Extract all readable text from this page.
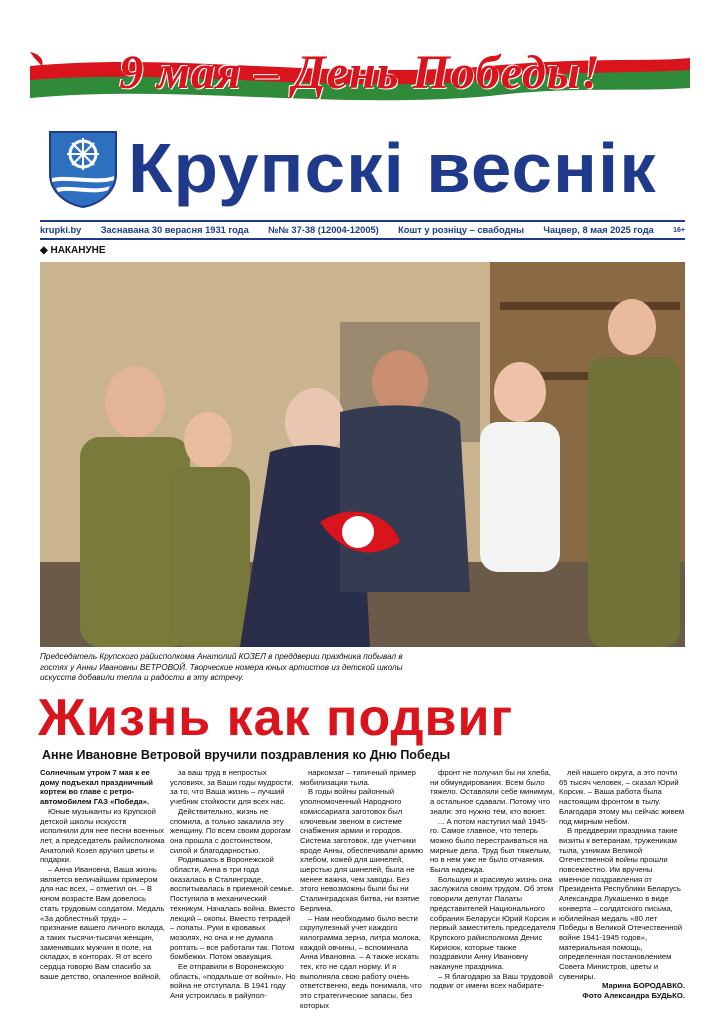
9 мая – День Победы!
Крупскі веснік
krupki.by Заснавана 30 верасня 1931 года №№ 37-38 (12004-12005) Кошт у розніцу – свабодны Чацвер, 8 мая 2025 года	16+
◆ НАКАНУНЕ
Председатель Крупского райисполкома Анатолий КОЗЕЛ в преддверии праздника побывал в гостях у Анны Ивановны ВЕТРОВОЙ. Творческие номера юных артистов из детской школы искусств добавили тепла и радости в эту встречу.
Жизнь как подвиг
Анне Ивановне Ветровой вручили поздравления ко Дню Победы

Солнечным утром 7 мая к ее дому подъехал праздничный кортеж во главе с ретро-автомобилем ГАЗ «Победа».

Юные музыканты из Крупской детской школы искусств исполнили для нее песни военных лет, а председатель райисполкома Анатолий Козел вручил цветы и подарки.

– Анна Ивановна, Ваша жизнь является величайшим примером для нас всех, – отметил он. – В юном возрасте Вам довелось стать трудовым солдатом. Медаль «За доблестный труд» – признание вашего личного вклада, а таких тысячи-тысячи женщин, заменивших мужчин в поле, на складах, в конторах. Я от всего сердца говорю Вам спасибо за ваше детство, опаленное войной,

за ваш труд в непростых условиях, за Ваши годы мудрости, за то, что Ваша жизнь – лучший учебник стойкости для всех нас.

Действительно, жизнь не спомила, а только закалила эту женщину. По всем своим дорогам она прошла с достоинством, силой и благодарностью.

Родившись в Воронежской области, Анна в три года оказалась в Сталинграде, воспитывалась в приемной семье. Поступила в механический техникум. Началась война. Вместо лекций – окопы. Вместо тетрадей – лопаты. Руки в кровавых мозолях, но она и не думала роптать – все работали так. Потом бомбежки. Потом эвакуация.

Ее отправили в Воронежскую область, «подальше от войны». Но война не отступала. В 1941 году Аня устроилась в райупол-

наркомзаг – типичный пример мобилизации тыла.

В годы войны районный уполномоченный Народного комиссариата заготовок был ключевым звеном в системе снабжения армии и городов. Система заготовок, где учетчики вроде Анны, обеспечивали армию хлебом, кожей для шинелей, шерстью для шинелей, была не менее важна, чем заводы. Без этого невозможны были бы ни Сталинградская битва, ни взятие Берлина.

– Нам необходимо было вести скрупулезный учет каждого килограмма зерна, литра молока, каждой овчины, – вспоминала Анна Ивановна. – А также искать тех, кто не сдал норму. И я выполняла свою работу очень ответственно, ведь понимала, что это стратегические запасы, без которых

фронт не получил бы ни хлеба, ни обмундирования. Всем было тяжело. Оставляли себе минимум, а остальное сдавали. Потому что знали: это нужно тем, кто воюет.

... А потом наступил май 1945-го. Самое главное, что теперь можно было перестраиваться на мирные дела. Труд был тяжелым, но в нем уже не было отчаяния. Была надежда.

Большую и красивую жизнь она заслужила своим трудом. Об этом говорили депутат Палаты представителей Национального собрания Беларуси Юрий Корсик и первый заместитель председателя Крупского райисполкома Денис Кирисюк, которые также поздравили Анну Ивановну накануне праздника.

– Я благодарю за Ваш трудовой подвиг от имени всех набирате-

лей нашего округа, а это почти 65 тысяч человек, – сказал Юрий Корсик. – Ваша работа была настоящим фронтом в тылу. Благодаря этому мы сейчас живем под мирным небом.

В преддверии праздника такие визиты к ветеранам, труженикам тыла, узникам Великой Отечественной войны прошли повсеместно. Им вручены именное поздравления от Президента Республики Беларусь Александра Лукашенко в виде конверта – солдатского письма, юбилейная медаль «80 лет Победы в Великой Отечественной войне 1941-1945 годов», материальная помощь, определенная постановлением Совета Министров, цветы и сувениры.

Марина БОРОДАВКО.

Фото Александра БУДЬКО.
